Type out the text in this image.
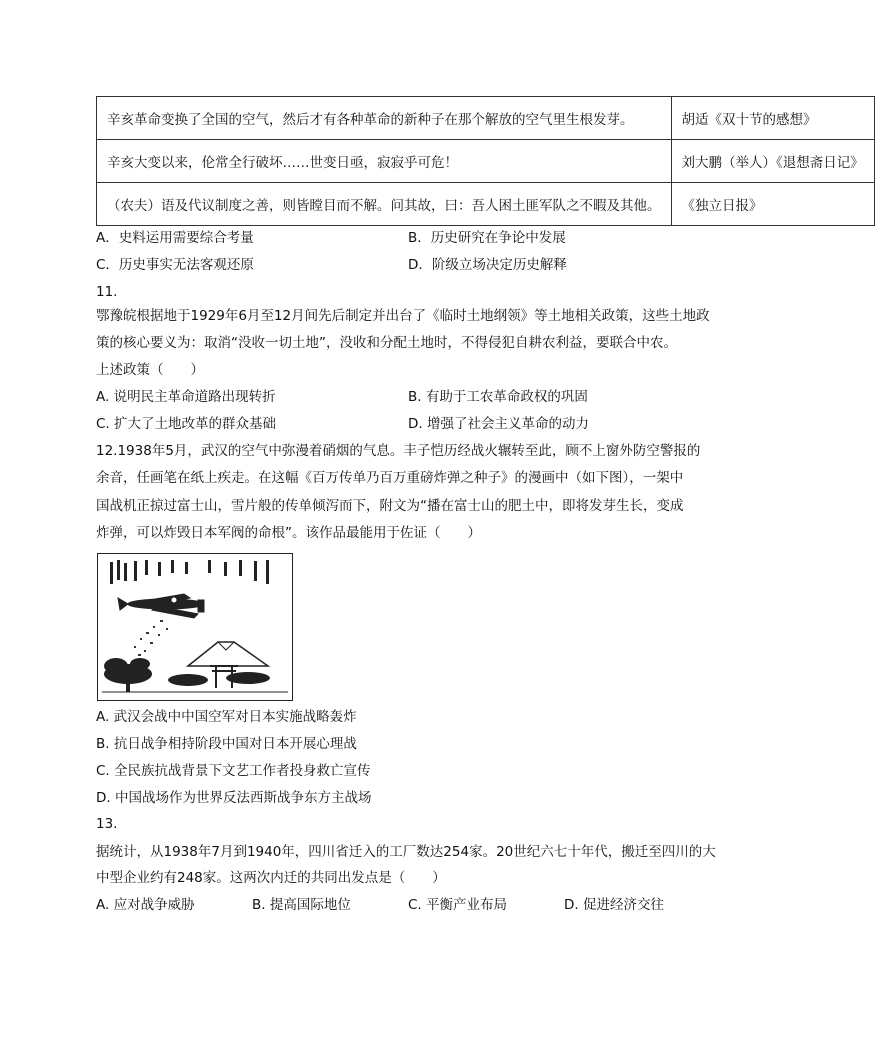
辛亥革命变换了全国的空气，然后才有各种革命的新种子在那个解放的空气里生根发芽。	胡适《双十节的感想》
辛亥大变以来，伦常全行破坏……世变日亟，寂寂乎可危！	刘大鹏（举人）《退想斋日记》
（农夫）语及代议制度之善，则皆瞠目而不解。问其故，曰：吾人困土匪军队之不暇及其他。	《独立日报》
A．史料运用需要综合考量	B．历史研究在争论中发展
C．历史事实无法客观还原	D．阶级立场决定历史解释
11.
鄂豫皖根据地于1929年6月至12月间先后制定并出台了《临时土地纲领》等土地相关政策，这些土地政
策的核心要义为：取消“没收一切土地”，没收和分配土地时，不得侵犯自耕农利益，要联合中农。
上述政策（　　）
A. 说明民主革命道路出现转折	B. 有助于工农革命政权的巩固
C. 扩大了土地改革的群众基础	D. 增强了社会主义革命的动力
12.1938年5月，武汉的空气中弥漫着硝烟的气息。丰子恺历经战火辗转至此，顾不上窗外防空警报的
余音，任画笔在纸上疾走。在这幅《百万传单乃百万重磅炸弹之种子》的漫画中（如下图），一架中
国战机正掠过富士山，雪片般的传单倾泻而下，附文为“播在富士山的肥土中，即将发芽生长，变成
炸弹，可以炸毁日本军阀的命根”。该作品最能用于佐证（　　）
A. 武汉会战中中国空军对日本实施战略轰炸
B. 抗日战争相持阶段中国对日本开展心理战
C. 全民族抗战背景下文艺工作者投身救亡宣传
D. 中国战场作为世界反法西斯战争东方主战场
13.
据统计，从1938年7月到1940年，四川省迁入的工厂数达254家。20世纪六七十年代，搬迁至四川的大
中型企业约有248家。这两次内迁的共同出发点是（　　）
A. 应对战争威胁	B. 提高国际地位	C. 平衡产业布局	D. 促进经济交往
